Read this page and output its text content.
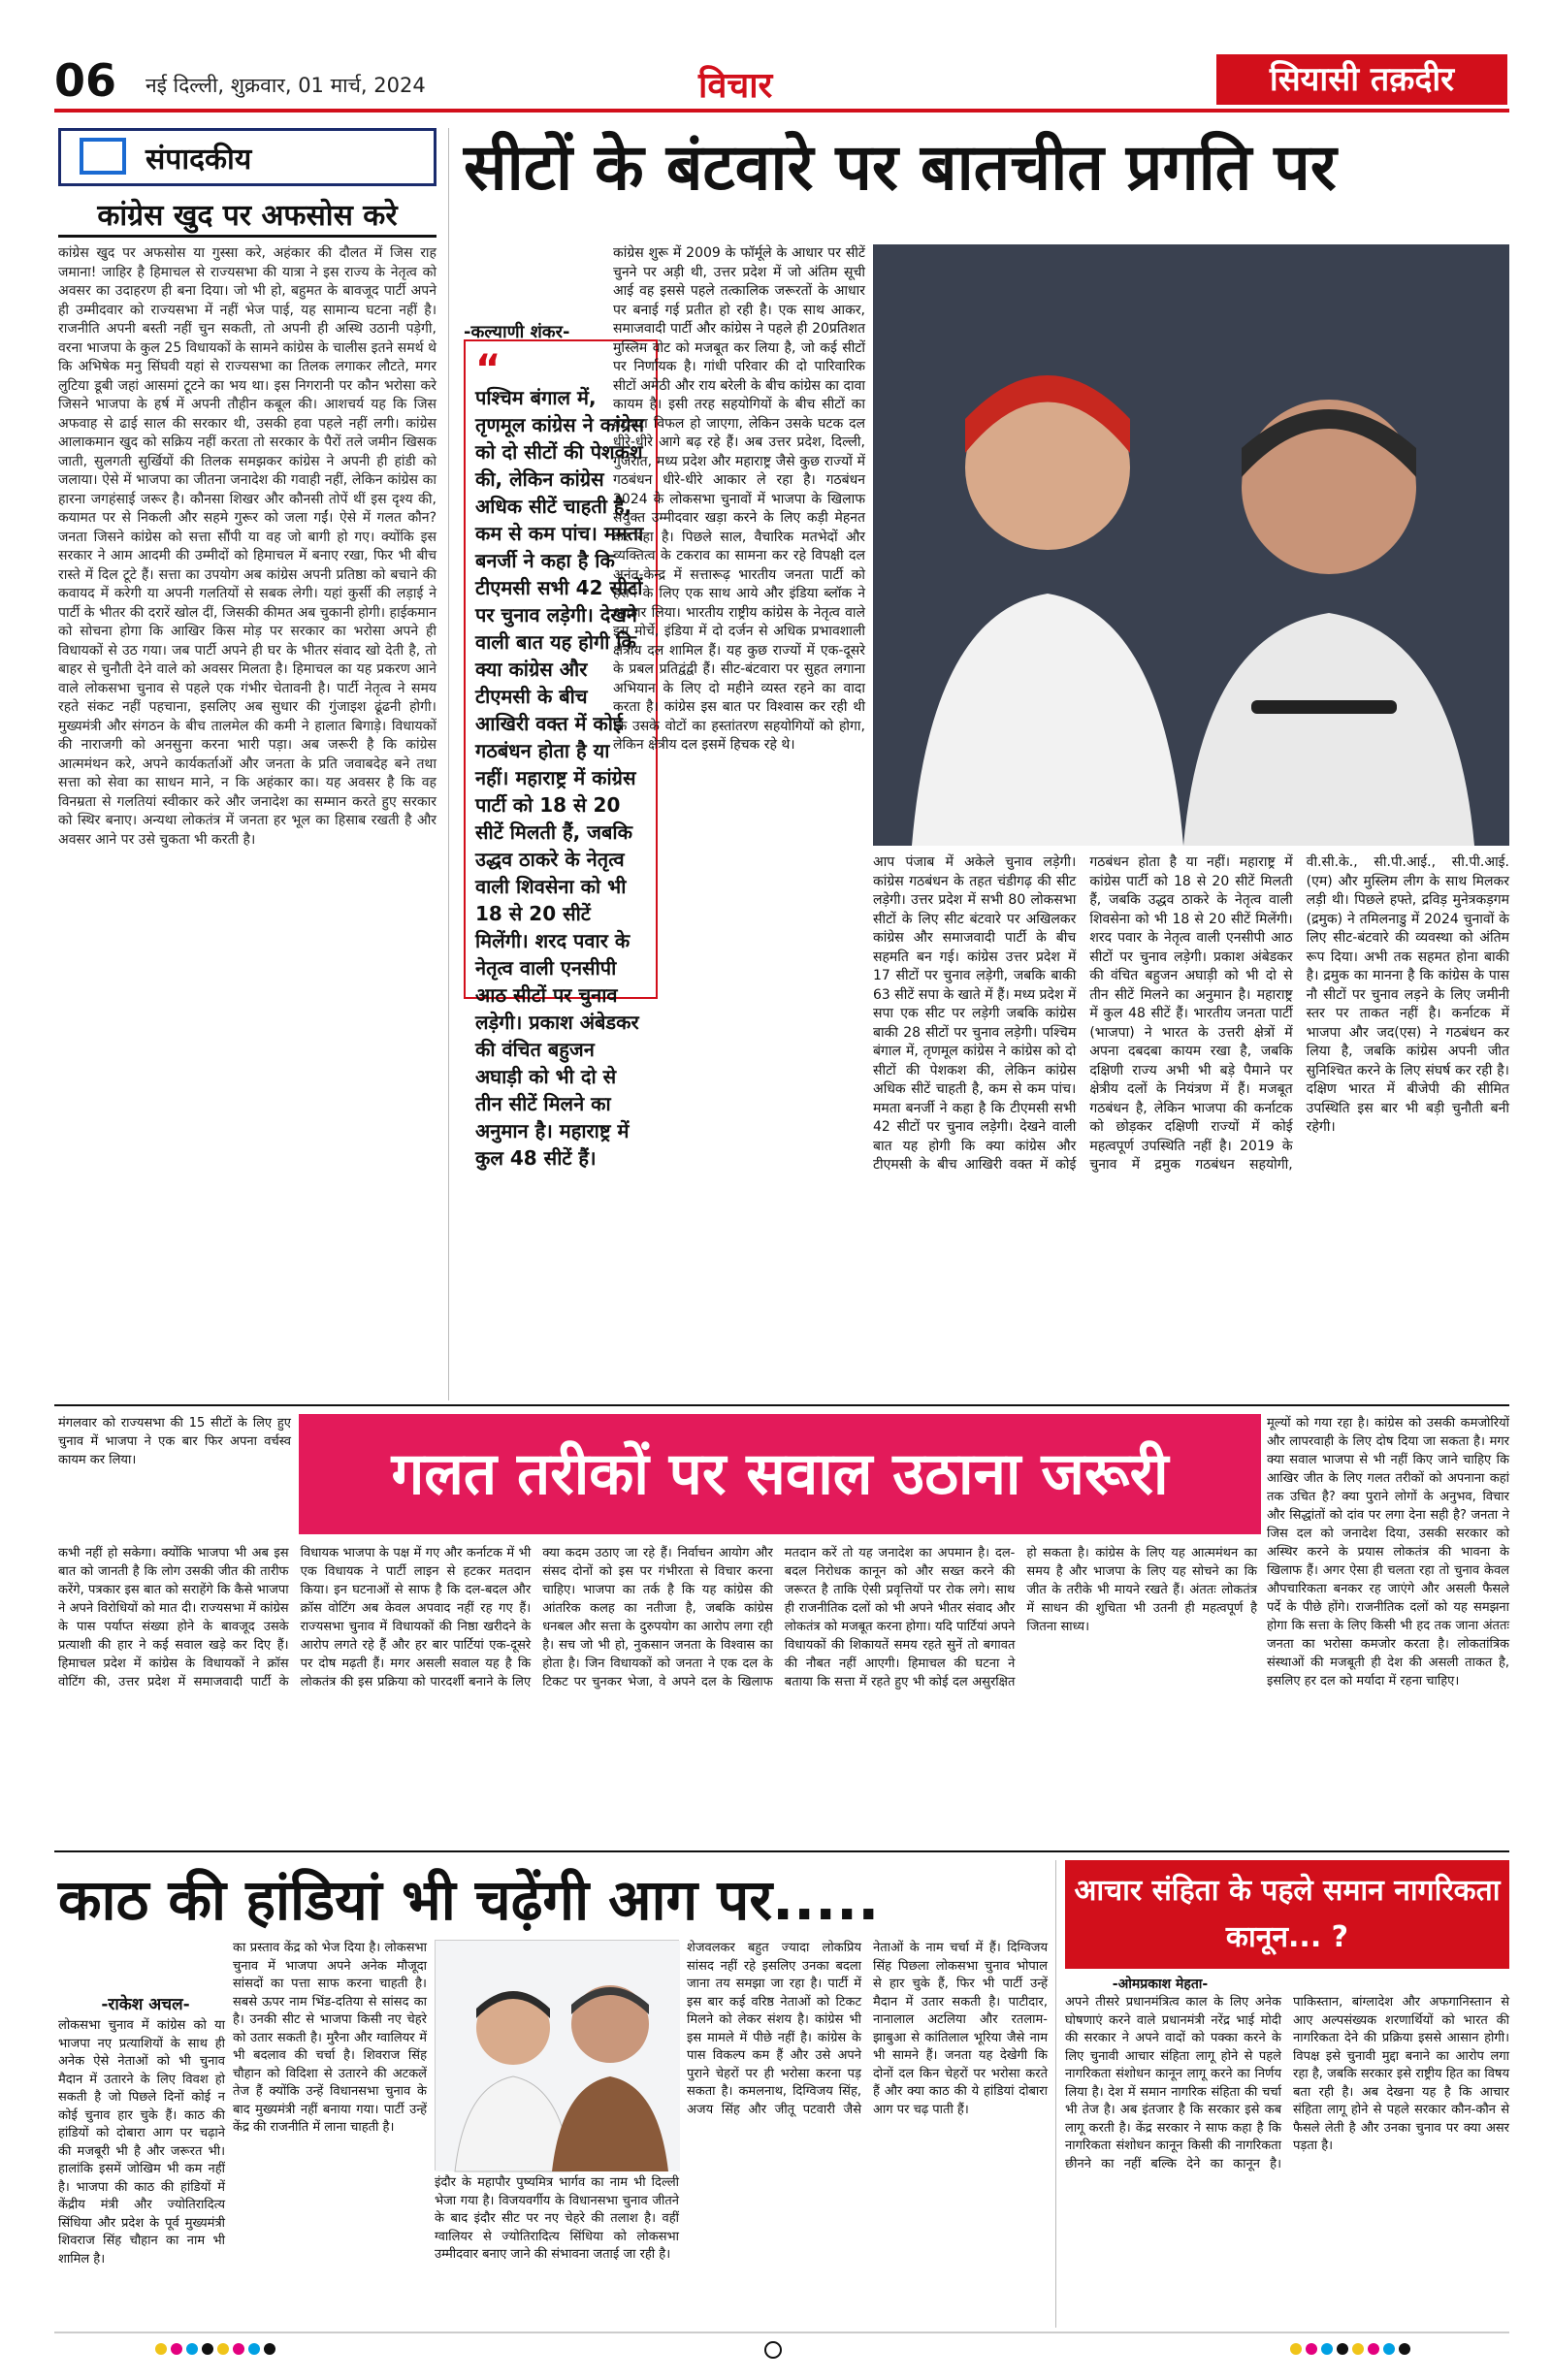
06 नई दिल्ली, शुक्रवार, 01 मार्च, 2024	विचार	सियासी तक़दीर
संपादकीय
कांग्रेस खुद पर अफसोस करे
कांग्रेस खुद पर अफसोस या गुस्सा करे, अहंकार की दौलत में जिस राह जमाना! जाहिर है हिमाचल से राज्यसभा की यात्रा ने इस राज्य के नेतृत्व को अवसर का उदाहरण ही बना दिया। जो भी हो, बहुमत के बावजूद पार्टी अपने ही उम्मीदवार को राज्यसभा में नहीं भेज पाई, यह सामान्य घटना नहीं है। राजनीति अपनी बस्ती नहीं चुन सकती, तो अपनी ही अस्थि उठानी पड़ेगी, वरना भाजपा के कुल 25 विधायकों के सामने कांग्रेस के चालीस इतने समर्थ थे कि अभिषेक मनु सिंघवी यहां से राज्यसभा का तिलक लगाकर लौटते, मगर लुटिया डूबी जहां आसमां टूटने का भय था। इस निगरानी पर कौन भरोसा करे जिसने भाजपा के हर्ष में अपनी तौहीन कबूल की। आशचर्य यह कि जिस अफवाह से ढाई साल की सरकार थी, उसकी हवा पहले नहीं लगी। कांग्रेस आलाकमान खुद को सक्रिय नहीं करता तो सरकार के पैरों तले जमीन खिसक जाती, सुलगती सुर्खियों की तिलक समझकर कांग्रेस ने अपनी ही हांडी को जलाया। ऐसे में भाजपा का जीतना जनादेश की गवाही नहीं, लेकिन कांग्रेस का हारना जगहंसाई जरूर है। कौनसा शिखर और कौनसी तोपें थीं इस दृश्य की, कयामत पर से निकली और सहमे गुरूर को जला गईं। ऐसे में गलत कौन? जनता जिसने कांग्रेस को सत्ता सौंपी या वह जो बागी हो गए। क्योंकि इस सरकार ने आम आदमी की उम्मीदों को हिमाचल में बनाए रखा, फिर भी बीच रास्ते में दिल टूटे हैं। सत्ता का उपयोग अब कांग्रेस अपनी प्रतिष्ठा को बचाने की कवायद में करेगी या अपनी गलतियों से सबक लेगी। यहां कुर्सी की लड़ाई ने पार्टी के भीतर की दरारें खोल दीं, जिसकी कीमत अब चुकानी होगी। हाईकमान को सोचना होगा कि आखिर किस मोड़ पर सरकार का भरोसा अपने ही विधायकों से उठ गया। जब पार्टी अपने ही घर के भीतर संवाद खो देती है, तो बाहर से चुनौती देने वाले को अवसर मिलता है। हिमाचल का यह प्रकरण आने वाले लोकसभा चुनाव से पहले एक गंभीर चेतावनी है। पार्टी नेतृत्व ने समय रहते संकट नहीं पहचाना, इसलिए अब सुधार की गुंजाइश ढूंढनी होगी। मुख्यमंत्री और संगठन के बीच तालमेल की कमी ने हालात बिगाड़े। विधायकों की नाराजगी को अनसुना करना भारी पड़ा। अब जरूरी है कि कांग्रेस आत्ममंथन करे, अपने कार्यकर्ताओं और जनता के प्रति जवाबदेह बने तथा सत्ता को सेवा का साधन माने, न कि अहंकार का। यह अवसर है कि वह विनम्रता से गलतियां स्वीकार करे और जनादेश का सम्मान करते हुए सरकार को स्थिर बनाए। अन्यथा लोकतंत्र में जनता हर भूल का हिसाब रखती है और अवसर आने पर उसे चुकता भी करती है।
सीटों के बंटवारे पर बातचीत प्रगति पर
-कल्याणी शंकर-
“
पश्चिम बंगाल में, तृणमूल कांग्रेस ने कांग्रेस को दो सीटों की पेशकश की, लेकिन कांग्रेस अधिक सीटें चाहती है, कम से कम पांच। ममता बनर्जी ने कहा है कि टीएमसी सभी 42 सीटों पर चुनाव लड़ेगी। देखने वाली बात यह होगी कि क्या कांग्रेस और टीएमसी के बीच आखिरी वक्त में कोई गठबंधन होता है या नहीं। महाराष्ट्र में कांग्रेस पार्टी को 18 से 20 सीटें मिलती हैं, जबकि उद्धव ठाकरे के नेतृत्व वाली शिवसेना को भी 18 से 20 सीटें मिलेंगी। शरद पवार के नेतृत्व वाली एनसीपी आठ सीटों पर चुनाव लड़ेगी। प्रकाश अंबेडकर की वंचित बहुजन अघाड़ी को भी दो से तीन सीटें मिलने का अनुमान है। महाराष्ट्र में कुल 48 सीटें हैं।
कांग्रेस शुरू में 2009 के फॉर्मूले के आधार पर सीटें चुनने पर अड़ी थी, उत्तर प्रदेश में जो अंतिम सूची आई वह इससे पहले तत्कालिक जरूरतों के आधार पर बनाई गई प्रतीत हो रही है। एक साथ आकर, समाजवादी पार्टी और कांग्रेस ने पहले ही 20प्रतिशत मुस्लिम वोट को मजबूत कर लिया है, जो कई सीटों पर निर्णायक है। गांधी परिवार की दो पारिवारिक सीटों अमेठी और राय बरेली के बीच कांग्रेस का दावा कायम है। इसी तरह सहयोगियों के बीच सीटों का बंटवारा विफल हो जाएगा, लेकिन उसके घटक दल धीरे-धीरे आगे बढ़ रहे हैं। अब उत्तर प्रदेश, दिल्ली, गुजरात, मध्य प्रदेश और महाराष्ट्र जैसे कुछ राज्यों में गठबंधन धीरे-धीरे आकार ले रहा है। गठबंधन 2024 के लोकसभा चुनावों में भाजपा के खिलाफ संयुक्त उम्मीदवार खड़ा करने के लिए कड़ी मेहनत कर रहा है। पिछले साल, वैचारिक मतभेदों और व्यक्तित्व के टकराव का सामना कर रहे विपक्षी दल अनंत-केन्द्र में सत्तारूढ़ भारतीय जनता पार्टी को हराने के लिए एक साथ आये और इंडिया ब्लॉक ने आकार लिया। भारतीय राष्ट्रीय कांग्रेस के नेतृत्व वाले इस मोर्चे, इंडिया में दो दर्जन से अधिक प्रभावशाली क्षेत्रीय दल शामिल हैं। यह कुछ राज्यों में एक-दूसरे के प्रबल प्रतिद्वंद्वी हैं। सीट-बंटवारा पर सुहत लगाना अभियान के लिए दो महीने व्यस्त रहने का वादा करता है। कांग्रेस इस बात पर विश्वास कर रही थी कि उसके वोटों का हस्तांतरण सहयोगियों को होगा, लेकिन क्षेत्रीय दल इसमें हिचक रहे थे।
आप पंजाब में अकेले चुनाव लड़ेगी। कांग्रेस गठबंधन के तहत चंडीगढ़ की सीट लड़ेगी। उत्तर प्रदेश में सभी 80 लोकसभा सीटों के लिए सीट बंटवारे पर अखिलकर कांग्रेस और समाजवादी पार्टी के बीच सहमति बन गई। कांग्रेस उत्तर प्रदेश में 17 सीटों पर चुनाव लड़ेगी, जबकि बाकी 63 सीटें सपा के खाते में हैं। मध्य प्रदेश में सपा एक सीट पर लड़ेगी जबकि कांग्रेस बाकी 28 सीटों पर चुनाव लड़ेगी। पश्चिम बंगाल में, तृणमूल कांग्रेस ने कांग्रेस को दो सीटों की पेशकश की, लेकिन कांग्रेस अधिक सीटें चाहती है, कम से कम पांच। ममता बनर्जी ने कहा है कि टीएमसी सभी 42 सीटों पर चुनाव लड़ेगी। देखने वाली बात यह होगी कि क्या कांग्रेस और टीएमसी के बीच आखिरी वक्त में कोई गठबंधन होता है या नहीं। महाराष्ट्र में कांग्रेस पार्टी को 18 से 20 सीटें मिलती हैं, जबकि उद्धव ठाकरे के नेतृत्व वाली शिवसेना को भी 18 से 20 सीटें मिलेंगी। शरद पवार के नेतृत्व वाली एनसीपी आठ सीटों पर चुनाव लड़ेगी। प्रकाश अंबेडकर की वंचित बहुजन अघाड़ी को भी दो से तीन सीटें मिलने का अनुमान है। महाराष्ट्र में कुल 48 सीटें हैं। भारतीय जनता पार्टी (भाजपा) ने भारत के उत्तरी क्षेत्रों में अपना दबदबा कायम रखा है, जबकि दक्षिणी राज्य अभी भी बड़े पैमाने पर क्षेत्रीय दलों के नियंत्रण में हैं। मजबूत गठबंधन है, लेकिन भाजपा की कर्नाटक को छोड़कर दक्षिणी राज्यों में कोई महत्वपूर्ण उपस्थिति नहीं है। 2019 के चुनाव में द्रमुक गठबंधन सहयोगी, वी.सी.के., सी.पी.आई., सी.पी.आई.(एम) और मुस्लिम लीग के साथ मिलकर लड़ी थी। पिछले हफ्ते, द्रविड़ मुनेत्रकड़गम (द्रमुक) ने तमिलनाडु में 2024 चुनावों के लिए सीट-बंटवारे की व्यवस्था को अंतिम रूप दिया। अभी तक सहमत होना बाकी है। द्रमुक का मानना है कि कांग्रेस के पास नौ सीटों पर चुनाव लड़ने के लिए जमीनी स्तर पर ताकत नहीं है। कर्नाटक में भाजपा और जद(एस) ने गठबंधन कर लिया है, जबकि कांग्रेस अपनी जीत सुनिश्चित करने के लिए संघर्ष कर रही है। दक्षिण भारत में बीजेपी की सीमित उपस्थिति इस बार भी बड़ी चुनौती बनी रहेगी।
मंगलवार को राज्यसभा की 15 सीटों के लिए हुए चुनाव में भाजपा ने एक बार फिर अपना वर्चस्व कायम कर लिया।	गलत तरीकों पर सवाल उठाना जरूरी
मूल्यों को गया रहा है। कांग्रेस को उसकी कमजोरियों और लापरवाही के लिए दोष दिया जा सकता है। मगर क्या सवाल भाजपा से भी नहीं किए जाने चाहिए कि आखिर जीत के लिए गलत तरीकों को अपनाना कहां तक उचित है? क्या पुराने लोगों के अनुभव, विचार और सिद्धांतों को दांव पर लगा देना सही है? जनता ने जिस दल को जनादेश दिया, उसकी सरकार को अस्थिर करने के प्रयास लोकतंत्र की भावना के खिलाफ हैं। अगर ऐसा ही चलता रहा तो चुनाव केवल औपचारिकता बनकर रह जाएंगे और असली फैसले पर्दे के पीछे होंगे। राजनीतिक दलों को यह समझना होगा कि सत्ता के लिए किसी भी हद तक जाना अंततः जनता का भरोसा कमजोर करता है। लोकतांत्रिक संस्थाओं की मजबूती ही देश की असली ताकत है, इसलिए हर दल को मर्यादा में रहना चाहिए।
कभी नहीं हो सकेगा। क्योंकि भाजपा भी अब इस बात को जानती है कि लोग उसकी जीत की तारीफ करेंगे, पत्रकार इस बात को सराहेंगे कि कैसे भाजपा ने अपने विरोधियों को मात दी। राज्यसभा में कांग्रेस के पास पर्याप्त संख्या होने के बावजूद उसके प्रत्याशी की हार ने कई सवाल खड़े कर दिए हैं। हिमाचल प्रदेश में कांग्रेस के विधायकों ने क्रॉस वोटिंग की, उत्तर प्रदेश में समाजवादी पार्टी के विधायक भाजपा के पक्ष में गए और कर्नाटक में भी एक विधायक ने पार्टी लाइन से हटकर मतदान किया। इन घटनाओं से साफ है कि दल-बदल और क्रॉस वोटिंग अब केवल अपवाद नहीं रह गए हैं। राज्यसभा चुनाव में विधायकों की निष्ठा खरीदने के आरोप लगते रहे हैं और हर बार पार्टियां एक-दूसरे पर दोष मढ़ती हैं। मगर असली सवाल यह है कि लोकतंत्र की इस प्रक्रिया को पारदर्शी बनाने के लिए क्या कदम उठाए जा रहे हैं। निर्वाचन आयोग और संसद दोनों को इस पर गंभीरता से विचार करना चाहिए। भाजपा का तर्क है कि यह कांग्रेस की आंतरिक कलह का नतीजा है, जबकि कांग्रेस धनबल और सत्ता के दुरुपयोग का आरोप लगा रही है। सच जो भी हो, नुकसान जनता के विश्वास का होता है। जिन विधायकों को जनता ने एक दल के टिकट पर चुनकर भेजा, वे अपने दल के खिलाफ मतदान करें तो यह जनादेश का अपमान है। दल-बदल निरोधक कानून को और सख्त करने की जरूरत है ताकि ऐसी प्रवृत्तियों पर रोक लगे। साथ ही राजनीतिक दलों को भी अपने भीतर संवाद और लोकतंत्र को मजबूत करना होगा। यदि पार्टियां अपने विधायकों की शिकायतें समय रहते सुनें तो बगावत की नौबत नहीं आएगी। हिमाचल की घटना ने बताया कि सत्ता में रहते हुए भी कोई दल असुरक्षित हो सकता है। कांग्रेस के लिए यह आत्ममंथन का समय है और भाजपा के लिए यह सोचने का कि जीत के तरीके भी मायने रखते हैं। अंततः लोकतंत्र में साधन की शुचिता भी उतनी ही महत्वपूर्ण है जितना साध्य।
काठ की हांडियां भी चढ़ेंगी आग पर.....
-राकेश अचल-
लोकसभा चुनाव में कांग्रेस को या भाजपा नए प्रत्याशियों के साथ ही अनेक ऐसे नेताओं को भी चुनाव मैदान में उतारने के लिए विवश हो सकती है जो पिछले दिनों कोई न कोई चुनाव हार चुके हैं। काठ की हांडियों को दोबारा आग पर चढ़ाने की मजबूरी भी है और जरूरत भी। हालांकि इसमें जोखिम भी कम नहीं है। भाजपा की काठ की हांडियों में केंद्रीय मंत्री और ज्योतिरादित्य सिंधिया और प्रदेश के पूर्व मुख्यमंत्री शिवराज सिंह चौहान का नाम भी शामिल है।
का प्रस्ताव केंद्र को भेज दिया है। लोकसभा चुनाव में भाजपा अपने अनेक मौजूदा सांसदों का पत्ता साफ करना चाहती है। सबसे ऊपर नाम भिंड-दतिया से सांसद का है। उनकी सीट से भाजपा किसी नए चेहरे को उतार सकती है। मुरैना और ग्वालियर में भी बदलाव की चर्चा है। शिवराज सिंह चौहान को विदिशा से उतारने की अटकलें तेज हैं क्योंकि उन्हें विधानसभा चुनाव के बाद मुख्यमंत्री नहीं बनाया गया। पार्टी उन्हें केंद्र की राजनीति में लाना चाहती है।
इंदौर के महापौर पुष्यमित्र भार्गव का नाम भी दिल्ली भेजा गया है। विजयवर्गीय के विधानसभा चुनाव जीतने के बाद इंदौर सीट पर नए चेहरे की तलाश है। वहीं ग्वालियर से ज्योतिरादित्य सिंधिया को लोकसभा उम्मीदवार बनाए जाने की संभावना जताई जा रही है।
शेजवलकर बहुत ज्यादा लोकप्रिय सांसद नहीं रहे इसलिए उनका बदला जाना तय समझा जा रहा है। पार्टी में इस बार कई वरिष्ठ नेताओं को टिकट मिलने को लेकर संशय है। कांग्रेस भी इस मामले में पीछे नहीं है। कांग्रेस के पास विकल्प कम हैं और उसे अपने पुराने चेहरों पर ही भरोसा करना पड़ सकता है। कमलनाथ, दिग्विजय सिंह, अजय सिंह और जीतू पटवारी जैसे नेताओं के नाम चर्चा में हैं। दिग्विजय सिंह पिछला लोकसभा चुनाव भोपाल से हार चुके हैं, फिर भी पार्टी उन्हें मैदान में उतार सकती है। पाटीदार, नानालाल अटलिया और रतलाम-झाबुआ से कांतिलाल भूरिया जैसे नाम भी सामने हैं। जनता यह देखेगी कि दोनों दल किन चेहरों पर भरोसा करते हैं और क्या काठ की ये हांडियां दोबारा आग पर चढ़ पाती हैं।
आचार संहिता के पहले समान नागरिकता कानून... ?
-ओमप्रकाश मेहता-
अपने तीसरे प्रधानमंत्रित्व काल के लिए अनेक घोषणाएं करने वाले प्रधानमंत्री नरेंद्र भाई मोदी की सरकार ने अपने वादों को पक्का करने के लिए चुनावी आचार संहिता लागू होने से पहले नागरिकता संशोधन कानून लागू करने का निर्णय लिया है। देश में समान नागरिक संहिता की चर्चा भी तेज है। अब इंतजार है कि सरकार इसे कब लागू करती है। केंद्र सरकार ने साफ कहा है कि नागरिकता संशोधन कानून किसी की नागरिकता छीनने का नहीं बल्कि देने का कानून है। पाकिस्तान, बांग्लादेश और अफगानिस्तान से आए अल्पसंख्यक शरणार्थियों को भारत की नागरिकता देने की प्रक्रिया इससे आसान होगी। विपक्ष इसे चुनावी मुद्दा बनाने का आरोप लगा रहा है, जबकि सरकार इसे राष्ट्रीय हित का विषय बता रही है। अब देखना यह है कि आचार संहिता लागू होने से पहले सरकार कौन-कौन से फैसले लेती है और उनका चुनाव पर क्या असर पड़ता है।
